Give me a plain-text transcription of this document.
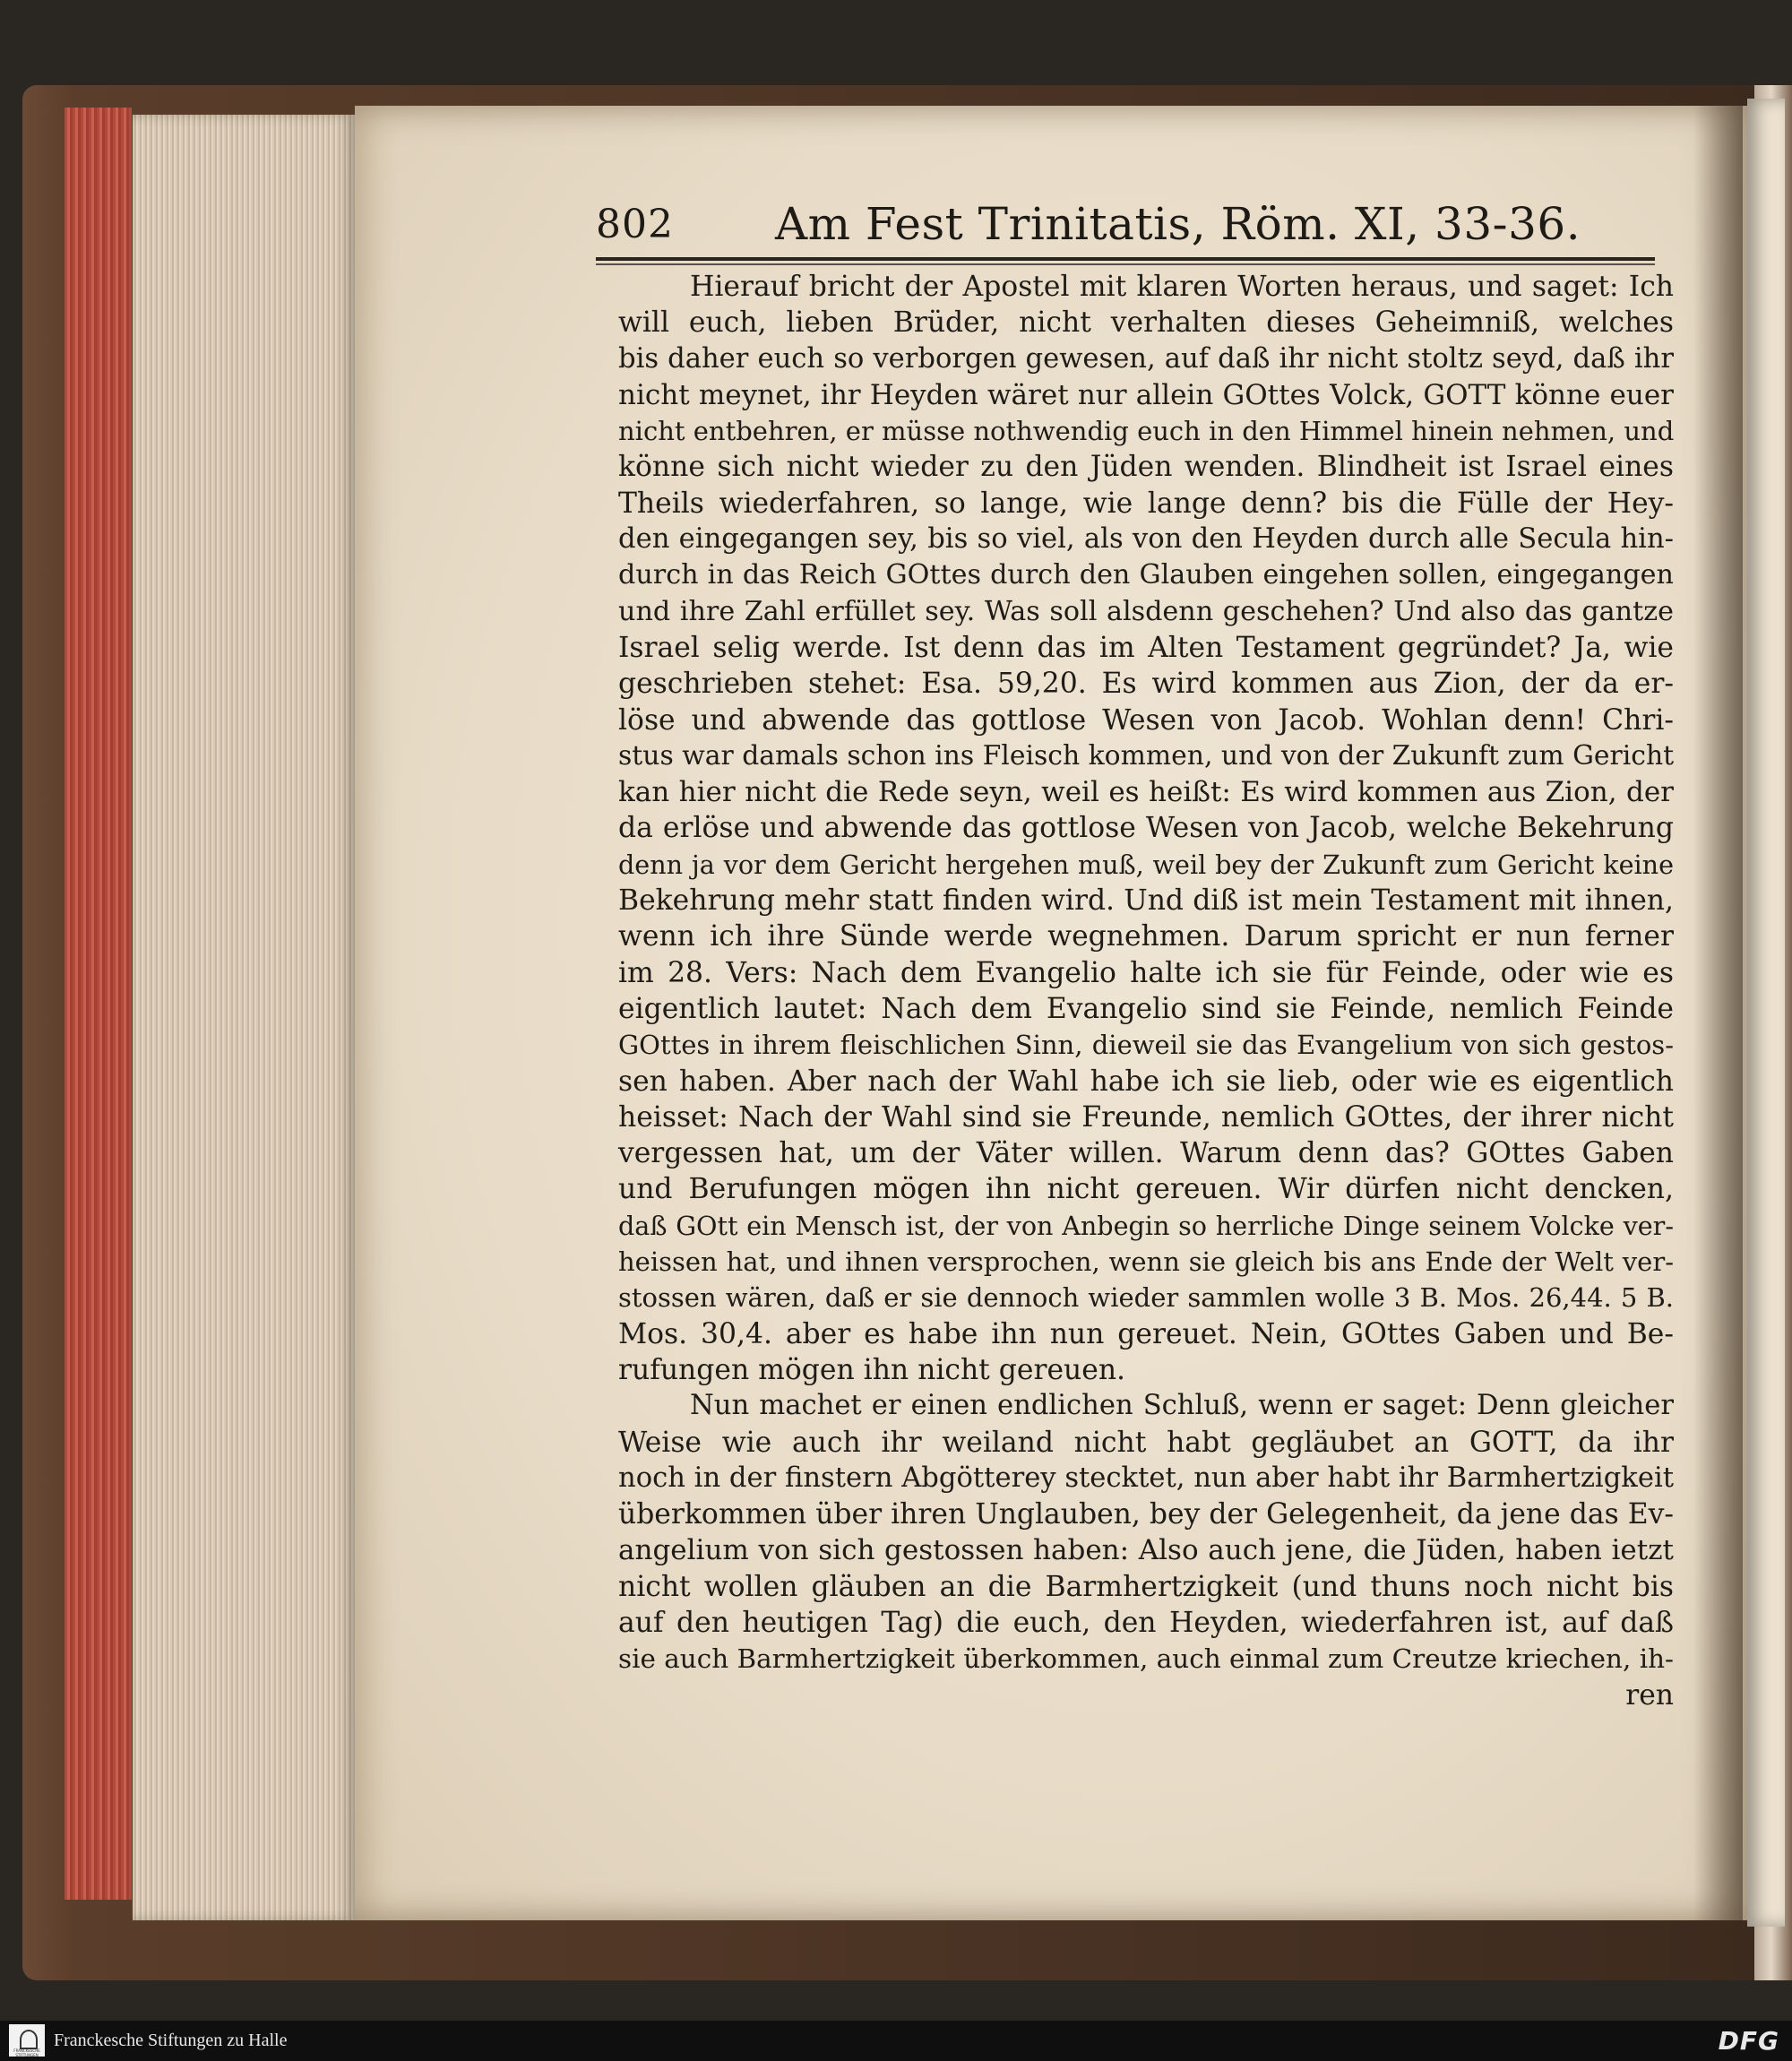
802 Am Fest Trinitatis, Röm. XI, 33-36.
Hierauf bricht der Apostel mit klaren Worten heraus, und saget: Ich
will euch, lieben Brüder, nicht verhalten dieses Geheimniß, welches
bis daher euch so verborgen gewesen, auf daß ihr nicht stoltz seyd, daß ihr
nicht meynet, ihr Heyden wäret nur allein GOttes Volck, GOTT könne euer
nicht entbehren, er müsse nothwendig euch in den Himmel hinein nehmen, und
könne sich nicht wieder zu den Jüden wenden. Blindheit ist Israel eines
Theils wiederfahren, so lange, wie lange denn? bis die Fülle der Hey-
den eingegangen sey, bis so viel, als von den Heyden durch alle Secula hin-
durch in das Reich GOttes durch den Glauben eingehen sollen, eingegangen
und ihre Zahl erfüllet sey. Was soll alsdenn geschehen? Und also das gantze
Israel selig werde. Ist denn das im Alten Testament gegründet? Ja, wie
geschrieben stehet: Esa. 59,20. Es wird kommen aus Zion, der da er-
löse und abwende das gottlose Wesen von Jacob. Wohlan denn! Chri-
stus war damals schon ins Fleisch kommen, und von der Zukunft zum Gericht
kan hier nicht die Rede seyn, weil es heißt: Es wird kommen aus Zion, der
da erlöse und abwende das gottlose Wesen von Jacob, welche Bekehrung
denn ja vor dem Gericht hergehen muß, weil bey der Zukunft zum Gericht keine
Bekehrung mehr statt finden wird. Und diß ist mein Testament mit ihnen,
wenn ich ihre Sünde werde wegnehmen. Darum spricht er nun ferner
im 28. Vers: Nach dem Evangelio halte ich sie für Feinde, oder wie es
eigentlich lautet: Nach dem Evangelio sind sie Feinde, nemlich Feinde
GOttes in ihrem fleischlichen Sinn, dieweil sie das Evangelium von sich gestos-
sen haben. Aber nach der Wahl habe ich sie lieb, oder wie es eigentlich
heisset: Nach der Wahl sind sie Freunde, nemlich GOttes, der ihrer nicht
vergessen hat, um der Väter willen. Warum denn das? GOttes Gaben
und Berufungen mögen ihn nicht gereuen. Wir dürfen nicht dencken,
daß GOtt ein Mensch ist, der von Anbegin so herrliche Dinge seinem Volcke ver-
heissen hat, und ihnen versprochen, wenn sie gleich bis ans Ende der Welt ver-
stossen wären, daß er sie dennoch wieder sammlen wolle 3 B. Mos. 26,44. 5 B.
Mos. 30,4. aber es habe ihn nun gereuet. Nein, GOttes Gaben und Be-
rufungen mögen ihn nicht gereuen.
Nun machet er einen endlichen Schluß, wenn er saget: Denn gleicher
Weise wie auch ihr weiland nicht habt gegläubet an GOTT, da ihr
noch in der finstern Abgötterey stecktet, nun aber habt ihr Barmhertzigkeit
überkommen über ihren Unglauben, bey der Gelegenheit, da jene das Ev-
angelium von sich gestossen haben: Also auch jene, die Jüden, haben ietzt
nicht wollen gläuben an die Barmhertzigkeit (und thuns noch nicht bis
auf den heutigen Tag) die euch, den Heyden, wiederfahren ist, auf daß
sie auch Barmhertzigkeit überkommen, auch einmal zum Creutze kriechen, ih-
ren
FRANCKESCHE STIFTUNGEN
Franckesche Stiftungen zu Halle	DFG
